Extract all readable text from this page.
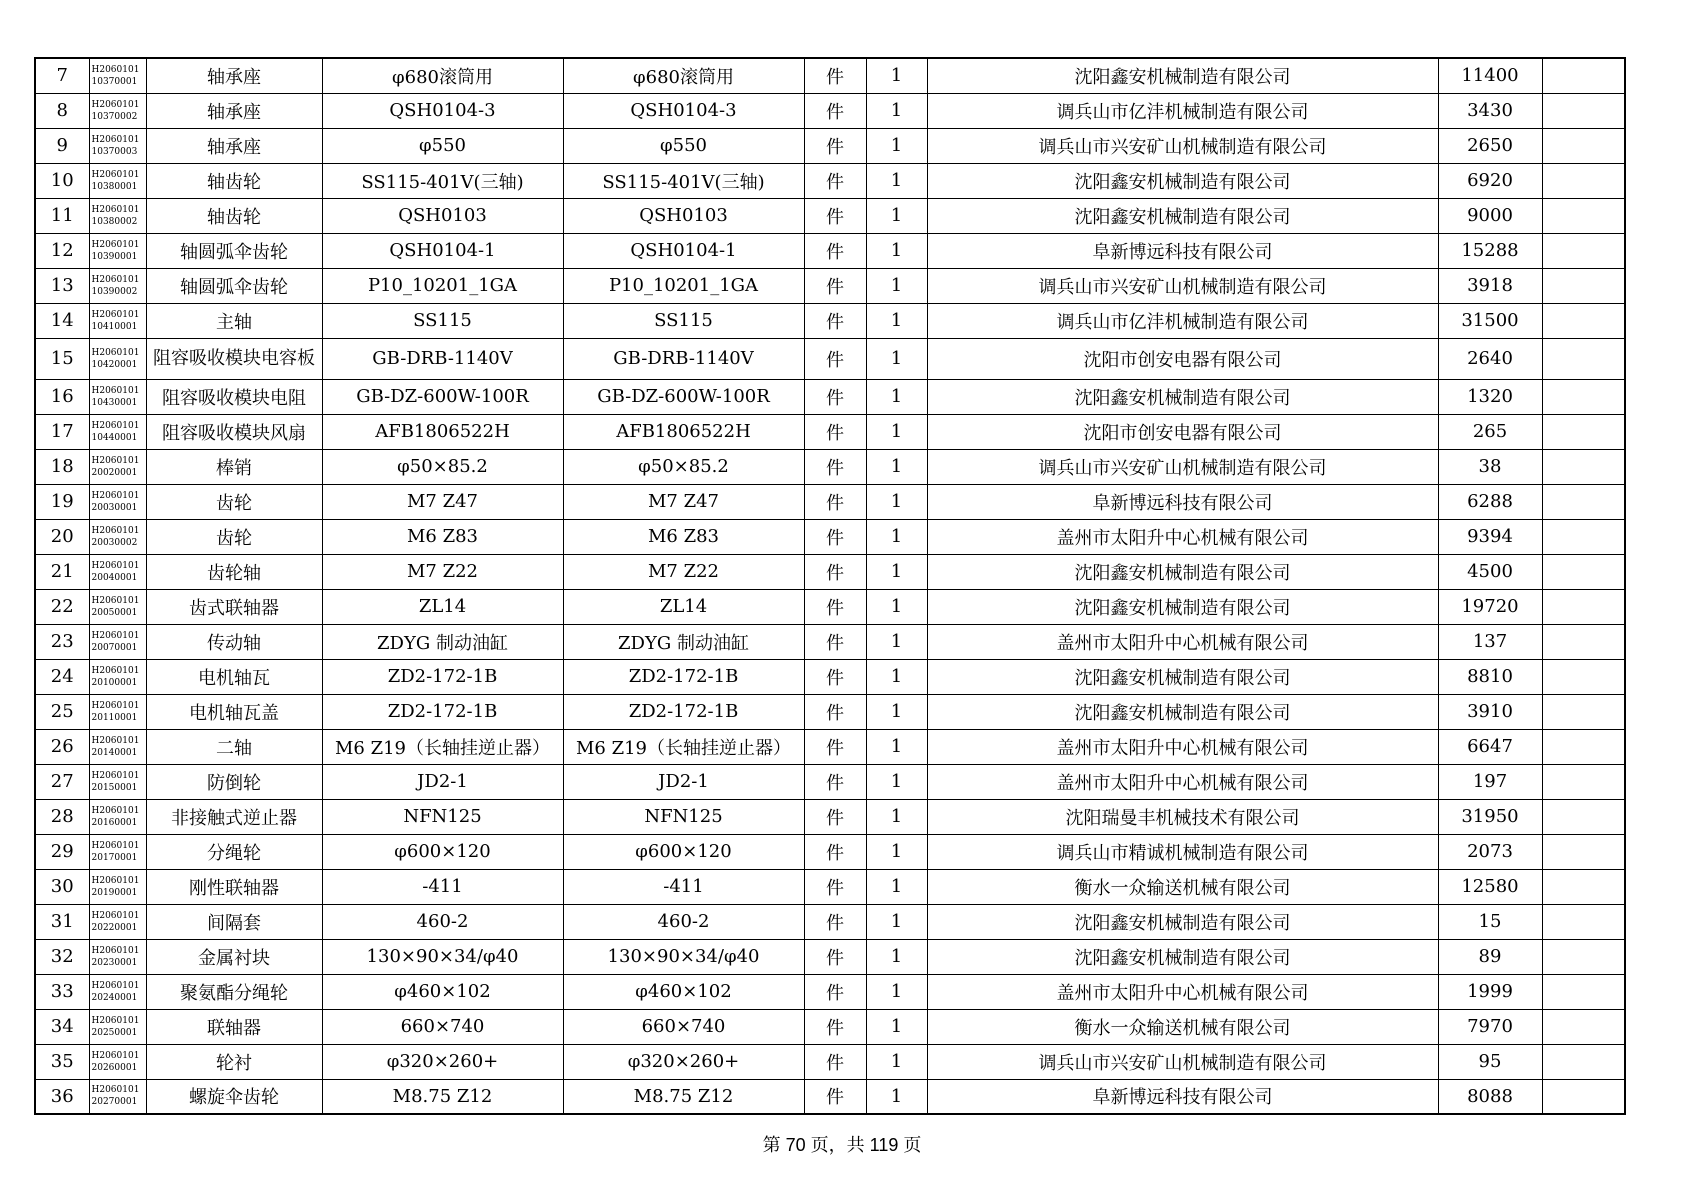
7	H2060101 10370001	轴承座	φ680滚筒用	φ680滚筒用	件	1	沈阳鑫安机械制造有限公司	11400	
8	H2060101 10370002	轴承座	QSH0104-3	QSH0104-3	件	1	调兵山市亿沣机械制造有限公司	3430	
9	H2060101 10370003	轴承座	φ550	φ550	件	1	调兵山市兴安矿山机械制造有限公司	2650	
10	H2060101 10380001	轴齿轮	SS115-401V(三轴)	SS115-401V(三轴)	件	1	沈阳鑫安机械制造有限公司	6920	
11	H2060101 10380002	轴齿轮	QSH0103	QSH0103	件	1	沈阳鑫安机械制造有限公司	9000	
12	H2060101 10390001	轴圆弧伞齿轮	QSH0104-1	QSH0104-1	件	1	阜新博远科技有限公司	15288	
13	H2060101 10390002	轴圆弧伞齿轮	P10_10201_1GA	P10_10201_1GA	件	1	调兵山市兴安矿山机械制造有限公司	3918	
14	H2060101 10410001	主轴	SS115	SS115	件	1	调兵山市亿沣机械制造有限公司	31500	
15	H2060101 10420001	阻容吸收模块电容板	GB-DRB-1140V	GB-DRB-1140V	件	1	沈阳市创安电器有限公司	2640	
16	H2060101 10430001	阻容吸收模块电阻	GB-DZ-600W-100R	GB-DZ-600W-100R	件	1	沈阳鑫安机械制造有限公司	1320	
17	H2060101 10440001	阻容吸收模块风扇	AFB1806522H	AFB1806522H	件	1	沈阳市创安电器有限公司	265	
18	H2060101 20020001	棒销	φ50×85.2	φ50×85.2	件	1	调兵山市兴安矿山机械制造有限公司	38	
19	H2060101 20030001	齿轮	M7 Z47	M7 Z47	件	1	阜新博远科技有限公司	6288	
20	H2060101 20030002	齿轮	M6 Z83	M6 Z83	件	1	盖州市太阳升中心机械有限公司	9394	
21	H2060101 20040001	齿轮轴	M7 Z22	M7 Z22	件	1	沈阳鑫安机械制造有限公司	4500	
22	H2060101 20050001	齿式联轴器	ZL14	ZL14	件	1	沈阳鑫安机械制造有限公司	19720	
23	H2060101 20070001	传动轴	ZDYG 制动油缸	ZDYG 制动油缸	件	1	盖州市太阳升中心机械有限公司	137	
24	H2060101 20100001	电机轴瓦	ZD2-172-1B	ZD2-172-1B	件	1	沈阳鑫安机械制造有限公司	8810	
25	H2060101 20110001	电机轴瓦盖	ZD2-172-1B	ZD2-172-1B	件	1	沈阳鑫安机械制造有限公司	3910	
26	H2060101 20140001	二轴	M6 Z19（长轴挂逆止器）	M6 Z19（长轴挂逆止器）	件	1	盖州市太阳升中心机械有限公司	6647	
27	H2060101 20150001	防倒轮	JD2-1	JD2-1	件	1	盖州市太阳升中心机械有限公司	197	
28	H2060101 20160001	非接触式逆止器	NFN125	NFN125	件	1	沈阳瑞曼丰机械技术有限公司	31950	
29	H2060101 20170001	分绳轮	φ600×120	φ600×120	件	1	调兵山市精诚机械制造有限公司	2073	
30	H2060101 20190001	刚性联轴器	-411	-411	件	1	衡水一众输送机械有限公司	12580	
31	H2060101 20220001	间隔套	460-2	460-2	件	1	沈阳鑫安机械制造有限公司	15	
32	H2060101 20230001	金属衬块	130×90×34/φ40	130×90×34/φ40	件	1	沈阳鑫安机械制造有限公司	89	
33	H2060101 20240001	聚氨酯分绳轮	φ460×102	φ460×102	件	1	盖州市太阳升中心机械有限公司	1999	
34	H2060101 20250001	联轴器	660×740	660×740	件	1	衡水一众输送机械有限公司	7970	
35	H2060101 20260001	轮衬	φ320×260+	φ320×260+	件	1	调兵山市兴安矿山机械制造有限公司	95	
36	H2060101 20270001	螺旋伞齿轮	M8.75 Z12	M8.75 Z12	件	1	阜新博远科技有限公司	8088	
第 70 页，共 119 页
